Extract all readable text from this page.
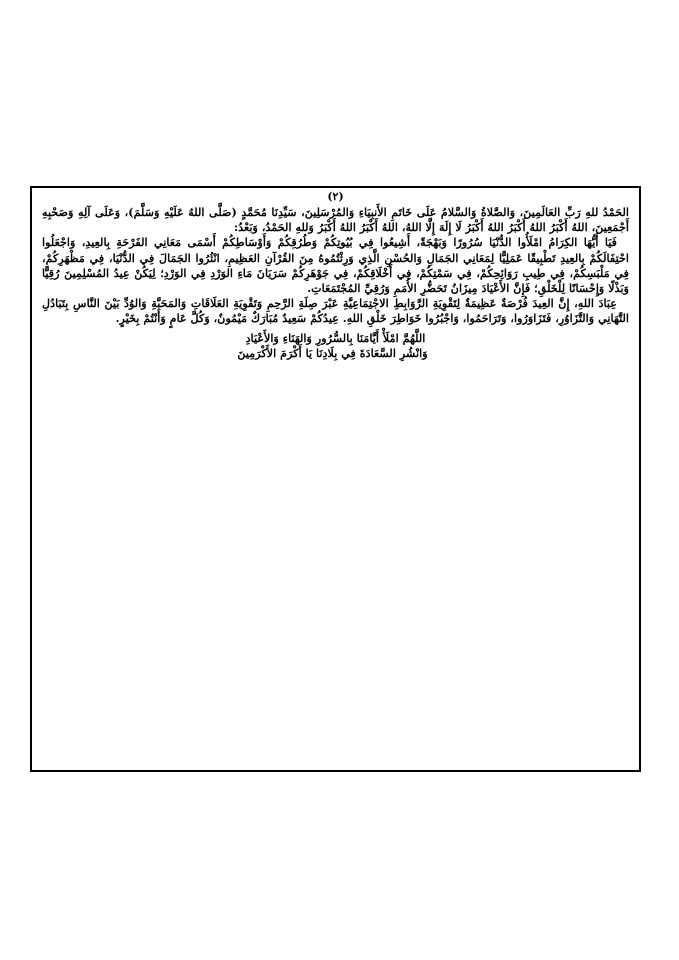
(٢)

الحَمْدُ للهِ رَبِّ العَالَمِينَ، وَالصَّلاةُ وَالسَّلامُ عَلَى خَاتَمِ الأَنبِيَاءِ وَالمُرْسَلِينَ، سَيِّدِنَا مُحَمَّدٍ (صَلَّى اللهُ عَلَيْهِ وَسَلَّمَ)، وَعَلَى آلِهِ وَصَحْبِهِ أَجْمَعِينَ، اللهُ أَكْبَرُ اللهُ أَكْبَرُ اللهُ أَكْبَرُ لَا إِلَهَ إِلَّا اللهُ، اللهُ أَكْبَرُ اللهُ أَكْبَرُ وَللهِ الحَمْدُ، وَبَعْدُ:

فَيَا أَيُّهَا الكِرَامُ امْلَأُوا الدُّنْيَا سُرُورًا وَبَهْجَةً، أَشِيعُوا فِي بُيُوتِكُمْ وَطُرُقِكُمْ وَأَوْسَاطِكُمْ أَسْمَى مَعَانِي الفَرْحَةِ بِالعِيدِ، وَاجْعَلُوا احْتِفَالَكُمْ بِالعِيدِ تَطْبِيقًا عَمَلِيًّا لِمَعَانِي الجَمَالِ وَالحُسْنِ الَّذِي وَرِثْتُمُوهُ مِنَ القُرْآنِ العَظِيمِ، انْثُرُوا الجَمَالَ فِي الدُّنْيَا، فِي مَظْهَرِكُمْ، فِي مَلْبَسِكُمْ، فِي طِيبِ رَوَائِحِكُمْ، فِي سَمْتِكُمْ، فِي أَخْلَاقِكُمْ، فِي جَوْهَرِكُمْ سَرَيَانَ مَاءِ الوَرْدِ فِي الوَرْدِ؛ لِيَكُنْ عِيدُ المُسْلِمِينَ رُقِيًّا وَبَذْلًا وَإِحْسَانًا لِلْخَلْقِ؛ فَإِنَّ الأَعْيَادَ مِيزَانُ تَحَضُّرِ الأُمَمِ وَرُقِيِّ المُجْتَمَعَاتِ.

عِبَادَ اللهِ، إِنَّ العِيدَ فُرْصَةٌ عَظِيمَةٌ لِتَقْوِيَةِ الرَّوَابِطِ الاجْتِمَاعِيَّةِ عَبْرَ صِلَةِ الرَّحِمِ وَتَقْوِيَةِ العَلَاقَاتِ وَالمَحَبَّةِ وَالوُدِّ بَيْنَ النَّاسِ بِتَبَادُلِ التَّهَانِي وَالتَّزَاوُرِ، فَتَزَاوَرُوا، وَتَرَاحَمُوا، وَاجْبُرُوا خَوَاطِرَ خَلْقِ اللهِ. عِيدُكُمْ سَعِيدٌ مُبَارَكٌ مَيْمُونٌ، وَكُلَّ عَامٍ وَأَنْتُمْ بِخَيْرٍ.

اللَّهُمَّ امْلَأْ أَيَّامَنَا بِالسُّرُورِ وَالهَنَاءِ وَالأَعْيَادِ
وَانْشُرِ السَّعَادَةَ فِي بِلَادِنَا يَا أَكْرَمَ الأَكْرَمِينَ
